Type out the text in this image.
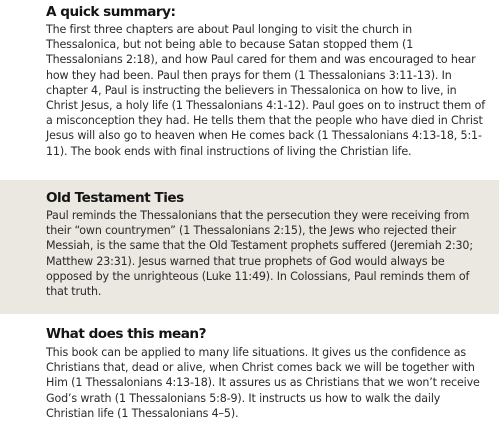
A quick summary:

The first three chapters are about Paul longing to visit the church in Thessalonica, but not being able to because Satan stopped them (1 Thessalonians 2:18), and how Paul cared for them and was encouraged to hear how they had been. Paul then prays for them (1 Thessalonians 3:11-13). In chapter 4, Paul is instructing the believers in Thessalonica on how to live, in Christ Jesus, a holy life (1 Thessalonians 4:1-12). Paul goes on to instruct them of a misconception they had. He tells them that the people who have died in Christ Jesus will also go to heaven when He comes back (1 Thessalonians 4:13-18, 5:1-11). The book ends with final instructions of living the Christian life.

Old Testament Ties

Paul reminds the Thessalonians that the persecution they were receiving from their “own countrymen” (1 Thessalonians 2:15), the Jews who rejected their Messiah, is the same that the Old Testament prophets suffered (Jeremiah 2:30; Matthew 23:31). Jesus warned that true prophets of God would always be opposed by the unrighteous (Luke 11:49). In Colossians, Paul reminds them of that truth.

What does this mean?

This book can be applied to many life situations. It gives us the confidence as Christians that, dead or alive, when Christ comes back we will be together with Him (1 Thessalonians 4:13-18). It assures us as Christians that we won’t receive God’s wrath (1 Thessalonians 5:8-9). It instructs us how to walk the daily Christian life (1 Thessalonians 4–5).
